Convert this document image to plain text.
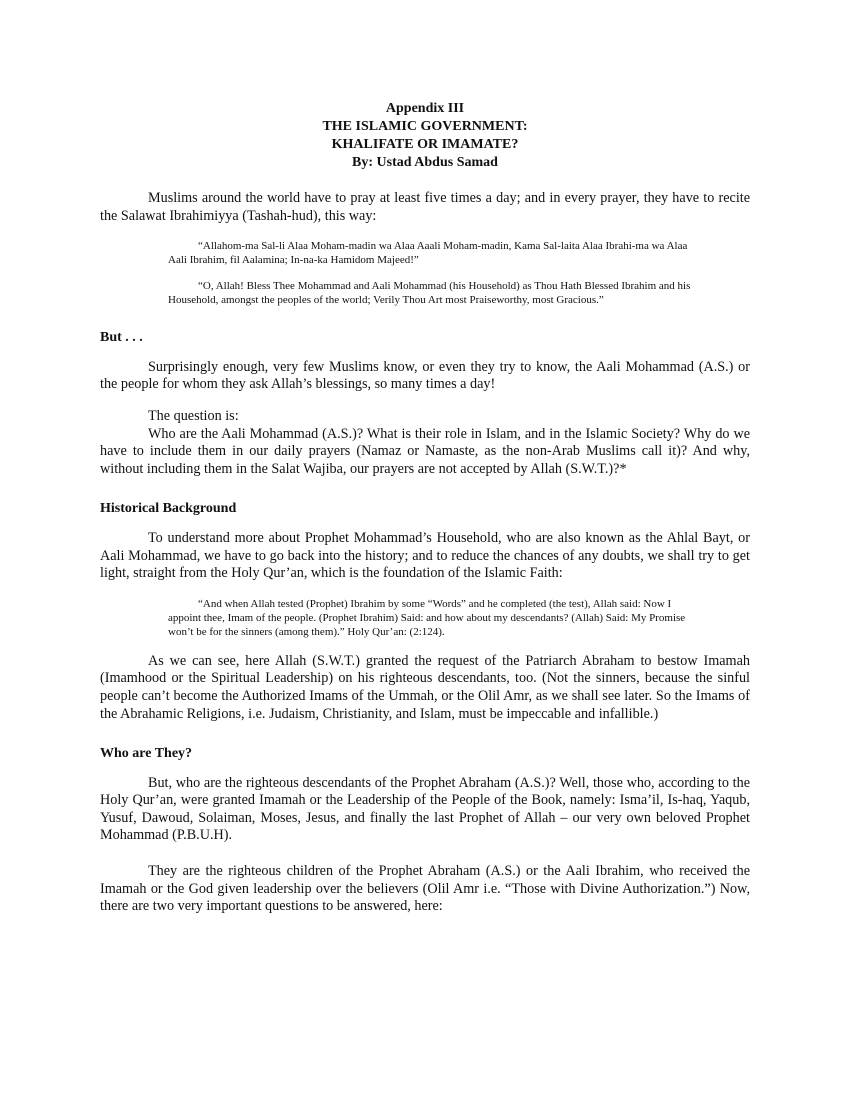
Appendix III
THE ISLAMIC GOVERNMENT:
KHALIFATE OR IMAMATE?
By: Ustad Abdus Samad

Muslims around the world have to pray at least five times a day; and in every prayer, they have to recite the Salawat Ibrahimiyya (Tashah-hud), this way:

“Allahom-ma Sal-li Alaa Moham-madin wa Alaa Aaali Moham-madin, Kama Sal-laita Alaa Ibrahi-ma wa Alaa Aali Ibrahim, fil Aalamina; In-na-ka Hamidom Majeed!”

“O, Allah! Bless Thee Mohammad and Aali Mohammad (his Household) as Thou Hath Blessed Ibrahim and his Household, amongst the peoples of the world; Verily Thou Art most Praiseworthy, most Gracious.”

But . . .

Surprisingly enough, very few Muslims know, or even they try to know, the Aali Mohammad (A.S.) or the people for whom they ask Allah’s blessings, so many times a day!

The question is:

Who are the Aali Mohammad (A.S.)? What is their role in Islam, and in the Islamic Society? Why do we have to include them in our daily prayers (Namaz or Namaste, as the non-Arab Muslims call it)? And why, without including them in the Salat Wajiba, our prayers are not accepted by Allah (S.W.T.)?*

Historical Background

To understand more about Prophet Mohammad’s Household, who are also known as the Ahlal Bayt, or Aali Mohammad, we have to go back into the history; and to reduce the chances of any doubts, we shall try to get light, straight from the Holy Qur’an, which is the foundation of the Islamic Faith:

“And when Allah tested (Prophet) Ibrahim by some “Words” and he completed (the test), Allah said: Now I appoint thee, Imam of the people. (Prophet Ibrahim) Said: and how about my descendants? (Allah) Said: My Promise won’t be for the sinners (among them).” Holy Qur’an: (2:124).

As we can see, here Allah (S.W.T.) granted the request of the Patriarch Abraham to bestow Imamah (Imamhood or the Spiritual Leadership) on his righteous descendants, too. (Not the sinners, because the sinful people can’t become the Authorized Imams of the Ummah, or the Olil Amr, as we shall see later. So the Imams of the Abrahamic Religions, i.e. Judaism, Christianity, and Islam, must be impeccable and infallible.)

Who are They?

But, who are the righteous descendants of the Prophet Abraham (A.S.)? Well, those who, according to the Holy Qur’an, were granted Imamah or the Leadership of the People of the Book, namely: Isma’il, Is-haq, Yaqub, Yusuf, Dawoud, Solaiman, Moses, Jesus, and finally the last Prophet of Allah – our very own beloved Prophet Mohammad (P.B.U.H).

They are the righteous children of the Prophet Abraham (A.S.) or the Aali Ibrahim, who received the Imamah or the God given leadership over the believers (Olil Amr i.e. “Those with Divine Authorization.”) Now, there are two very important questions to be answered, here:
